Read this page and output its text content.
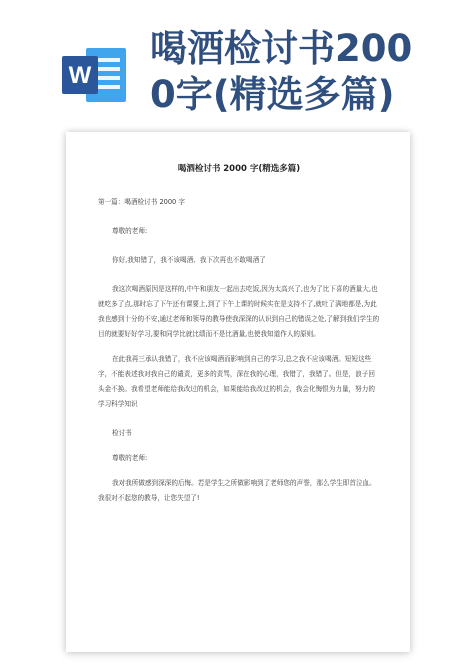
W
喝酒检讨书200
0字(精选多篇)
喝酒检讨书 2000 字(精选多篇)

第一篇：喝酒检讨书 2000 字

尊敬的老师:

你好,我知错了，我不该喝酒、我下次再也不敢喝酒了

我这次喝酒原因是这样的,中午和朋友一起出去吃饭,因为太高兴了,也为了比下喜的酒量大,也就吃多了点,那时忘了下午还有课要上,到了下午上课的时候实在是支持不了,就吐了满地都是,为此我也感到十分的不安,通过老师和领导的教导使我深深的认识到自己的错误之处,了解到我们学生的目的就要好好学习,要和同学比就比绩而不是比酒量,也使我知道作人的原则。

在此我再三承认我错了，我不应该喝酒而影响到自己的学习,总之我不应该喝酒。短短这些字，不能表述我对我自己的谴责，更多的责骂，深在我的心理，我错了，我错了。但是，浪子回头金不换。我希望老师能给我改过的机会，如果能给我改过的机会，我会化悔恨为力量，努力的学习科学知识

检讨书

尊敬的老师:

我对我所做感到深深的后悔。若是学生之所做影响到了老师您的声誉，那么学生即首泣血。我很对不起您的教导，让您失望了!
